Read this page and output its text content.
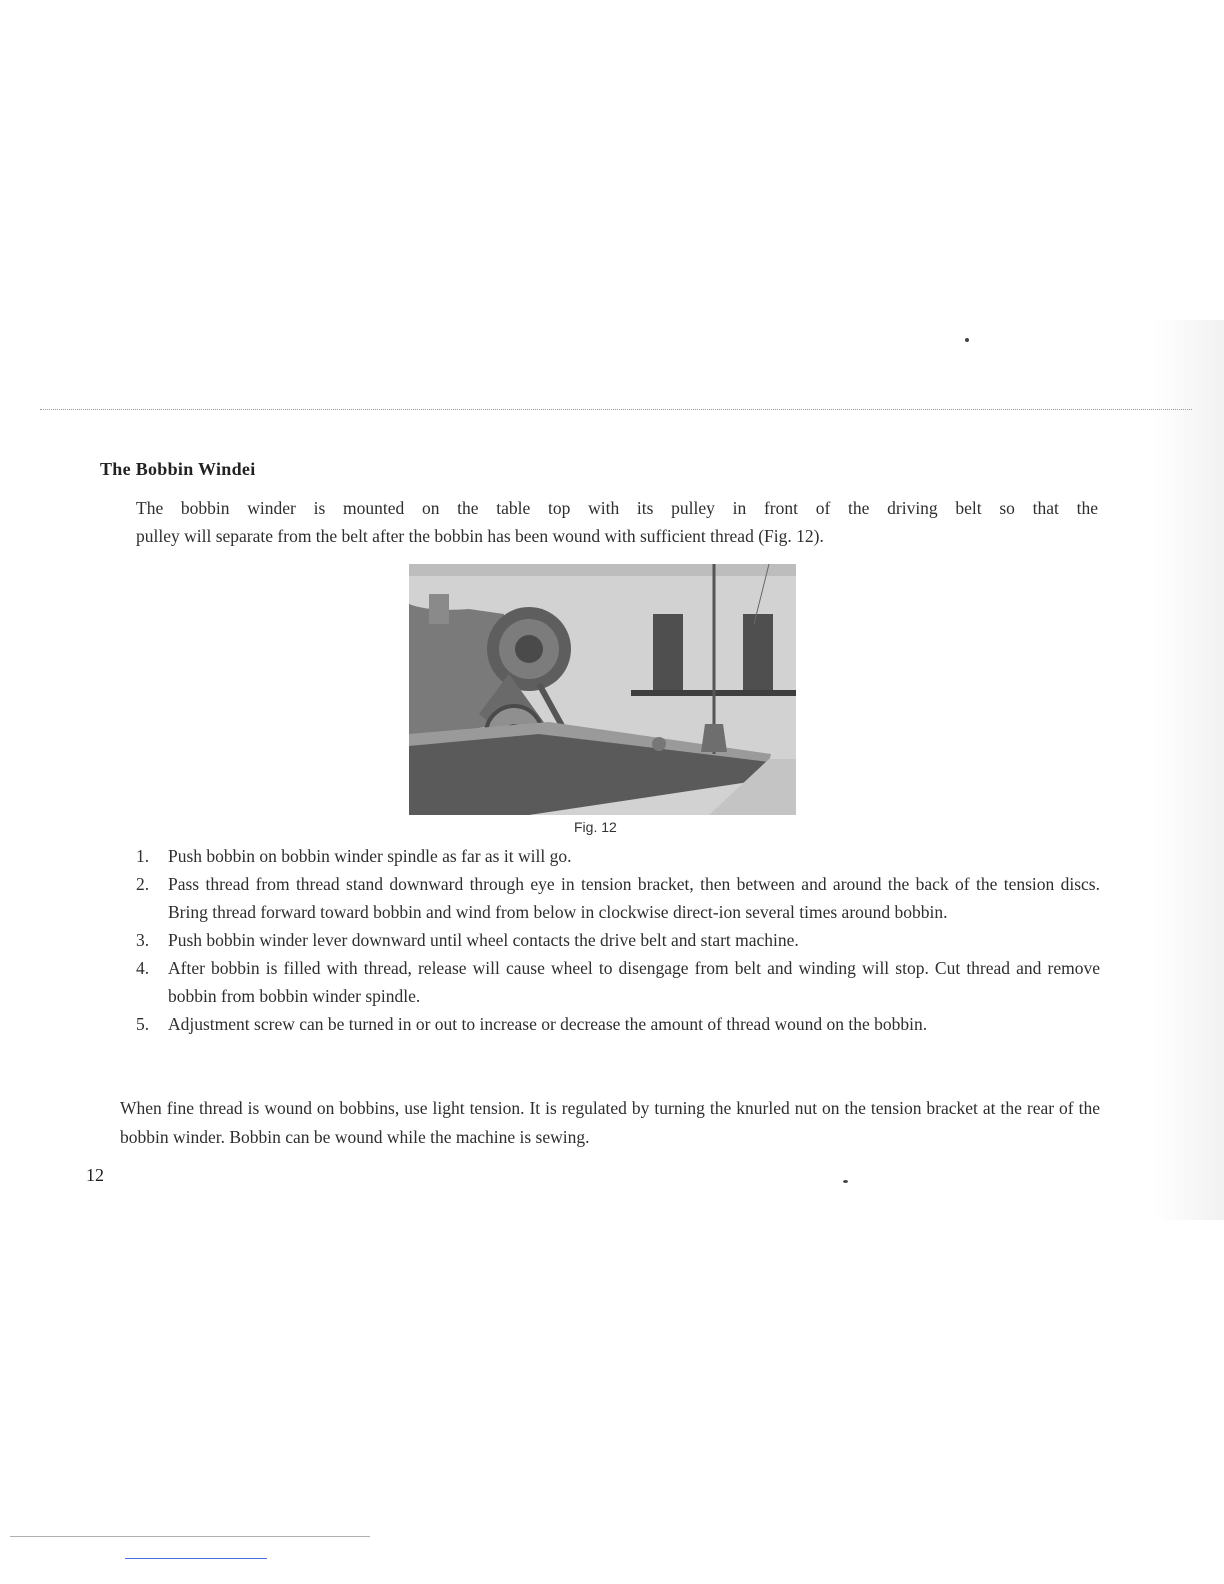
The Bobbin Windei
The bobbin winder is mounted on the table top with its pulley in front of the driving belt so that the
pulley will separate from the belt after the bobbin has been wound with sufficient thread (Fig. 12).
Fig. 12
1.	Push bobbin on bobbin winder spindle as far as it will go.
2.	Pass thread from thread stand downward through eye in tension bracket, then between and around the back of the tension discs. Bring thread forward toward bobbin and wind from below in clockwise direct-ion several times around bobbin.
3.	Push bobbin winder lever downward until wheel contacts the drive belt and start machine.
4.	After bobbin is filled with thread, release will cause wheel to disengage from belt and winding will stop. Cut thread and remove bobbin from bobbin winder spindle.
5.	Adjustment screw can be turned in or out to increase or decrease the amount of thread wound on the bobbin.
When fine thread is wound on bobbins, use light tension. It is regulated by turning the knurled nut on the tension bracket at the rear of the bobbin winder. Bobbin can be wound while the machine is sewing.
12
